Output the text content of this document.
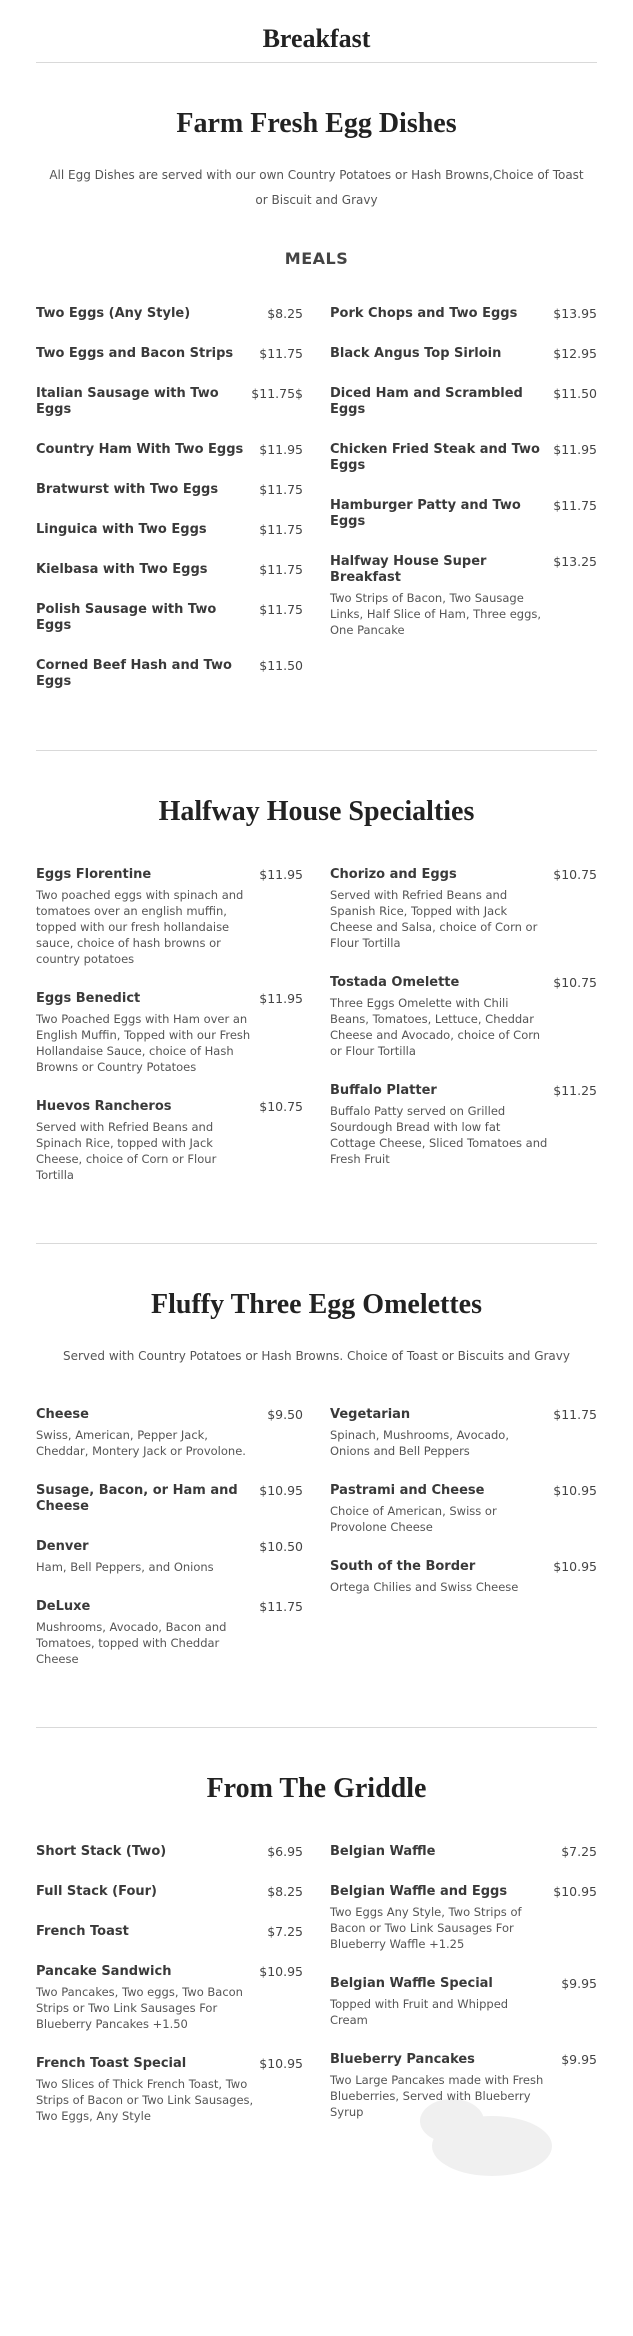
Breakfast
Farm Fresh Egg Dishes

All Egg Dishes are served with our own Country Potatoes or Hash Browns,Choice of Toast or Biscuit and Gravy

MEALS
Two Eggs (Any Style)	$8.25
Two Eggs and Bacon Strips	$11.75
Italian Sausage with Two Eggs
$11.75$
Country Ham With Two Eggs	$11.95
Bratwurst with Two Eggs	$11.75
Linguica with Two Eggs	$11.75
Kielbasa with Two Eggs	$11.75
Polish Sausage with Two Eggs
$11.75
Corned Beef Hash and Two Eggs
$11.50
Pork Chops and Two Eggs	$13.95
Black Angus Top Sirloin	$12.95
Diced Ham and Scrambled Eggs
$11.50
Chicken Fried Steak and Two Eggs
$11.95
Hamburger Patty and Two Eggs
$11.75
Halfway House Super Breakfast
Two Strips of Bacon, Two Sausage Links, Half Slice of Ham, Three eggs, One Pancake
$13.25
Halfway House Specialties
Eggs Florentine
Two poached eggs with spinach and tomatoes over an english muffin, topped with our fresh hollandaise sauce, choice of hash browns or country potatoes
$11.95
Eggs Benedict
Two Poached Eggs with Ham over an English Muffin, Topped with our Fresh Hollandaise Sauce, choice of Hash Browns or Country Potatoes
$11.95
Huevos Rancheros
Served with Refried Beans and Spinach Rice, topped with Jack Cheese, choice of Corn or Flour Tortilla
$10.75
Chorizo and Eggs
Served with Refried Beans and Spanish Rice, Topped with Jack Cheese and Salsa, choice of Corn or Flour Tortilla
$10.75
Tostada Omelette
Three Eggs Omelette with Chili Beans, Tomatoes, Lettuce, Cheddar Cheese and Avocado, choice of Corn or Flour Tortilla
$10.75
Buffalo Platter
Buffalo Patty served on Grilled Sourdough Bread with low fat Cottage Cheese, Sliced Tomatoes and Fresh Fruit
$11.25
Fluffy Three Egg Omelettes

Served with Country Potatoes or Hash Browns. Choice of Toast or Biscuits and Gravy

Cheese
Swiss, American, Pepper Jack, Cheddar, Montery Jack or Provolone.
$9.50
Susage, Bacon, or Ham and Cheese
$10.95
Denver
Ham, Bell Peppers, and Onions
$10.50
DeLuxe
Mushrooms, Avocado, Bacon and Tomatoes, topped with Cheddar Cheese
$11.75
Vegetarian
Spinach, Mushrooms, Avocado, Onions and Bell Peppers
$11.75
Pastrami and Cheese
Choice of American, Swiss or Provolone Cheese
$10.95
South of the Border
Ortega Chilies and Swiss Cheese
$10.95
From The Griddle
Short Stack (Two)	$6.95
Full Stack (Four)	$8.25
French Toast	$7.25
Pancake Sandwich
Two Pancakes, Two eggs, Two Bacon Strips or Two Link Sausages For Blueberry Pancakes +1.50
$10.95
French Toast Special
Two Slices of Thick French Toast, Two Strips of Bacon or Two Link Sausages, Two Eggs, Any Style
$10.95
Belgian Waffle	$7.25
Belgian Waffle and Eggs
Two Eggs Any Style, Two Strips of Bacon or Two Link Sausages For Blueberry Waffle +1.25
$10.95
Belgian Waffle Special
Topped with Fruit and Whipped Cream
$9.95
Blueberry Pancakes
Two Large Pancakes made with Fresh Blueberries, Served with Blueberry Syrup
$9.95
